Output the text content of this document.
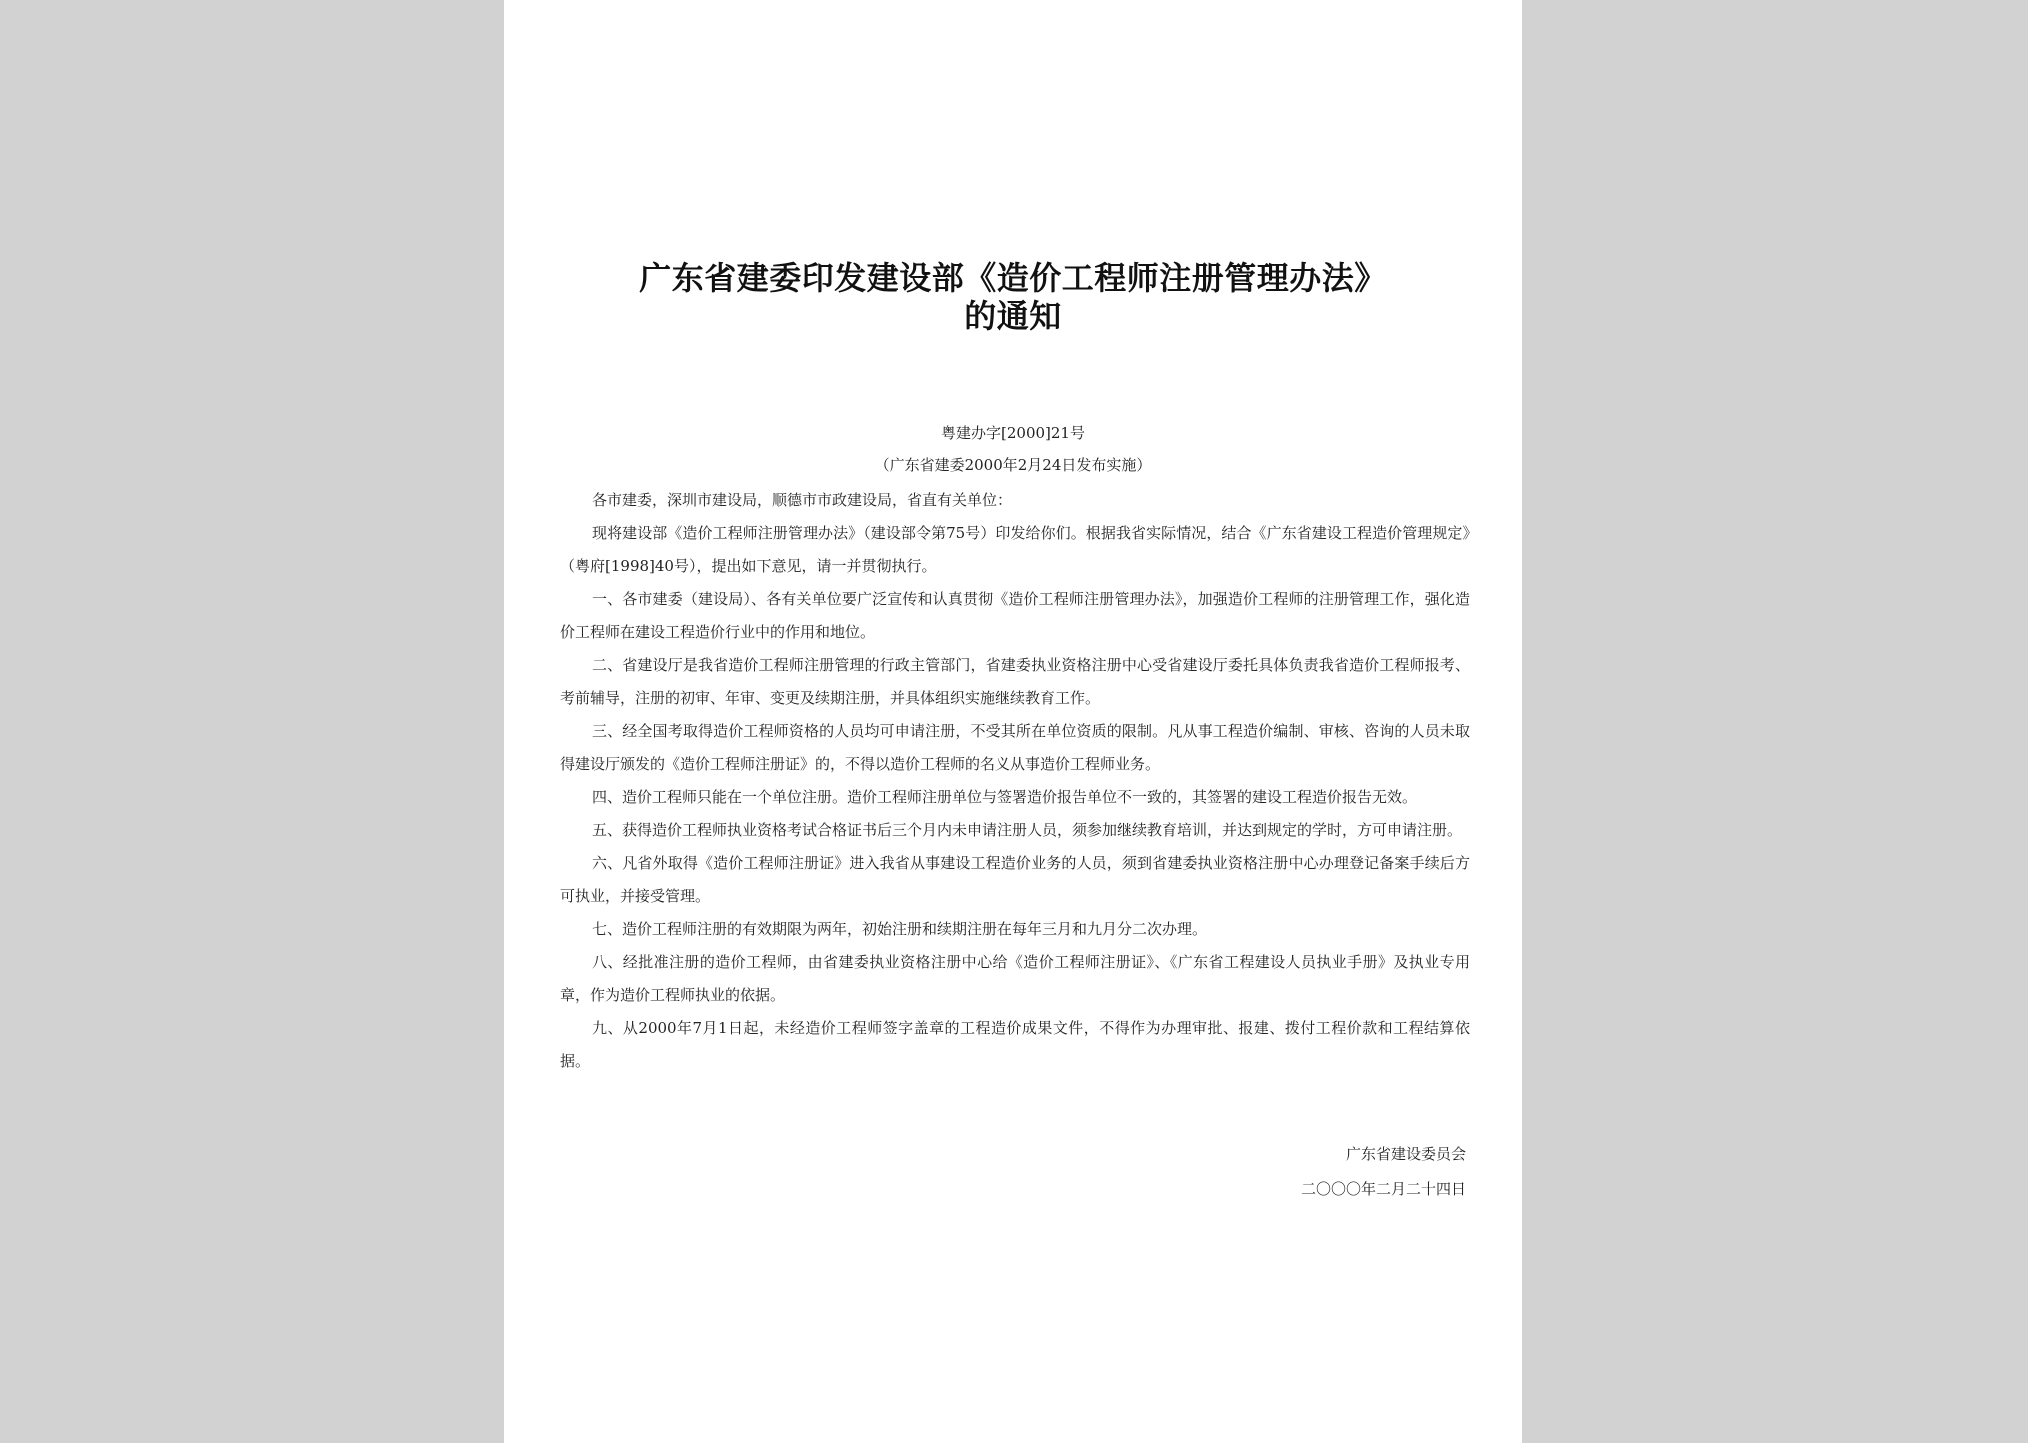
广东省建委印发建设部《造价工程师注册管理办法》
的通知
粤建办字[2000]21号
（广东省建委2000年2月24日发布实施）

各市建委，深圳市建设局，顺德市市政建设局，省直有关单位：

现将建设部《造价工程师注册管理办法》（建设部令第75号）印发给你们。根据我省实际情况，结合《广东省建设工程造价管理规定》（粤府[1998]40号），提出如下意见，请一并贯彻执行。

一、各市建委（建设局）、各有关单位要广泛宣传和认真贯彻《造价工程师注册管理办法》，加强造价工程师的注册管理工作，强化造价工程师在建设工程造价行业中的作用和地位。

二、省建设厅是我省造价工程师注册管理的行政主管部门，省建委执业资格注册中心受省建设厅委托具体负责我省造价工程师报考、考前辅导，注册的初审、年审、变更及续期注册，并具体组织实施继续教育工作。

三、经全国考取得造价工程师资格的人员均可申请注册，不受其所在单位资质的限制。凡从事工程造价编制、审核、咨询的人员未取得建设厅颁发的《造价工程师注册证》的，不得以造价工程师的名义从事造价工程师业务。

四、造价工程师只能在一个单位注册。造价工程师注册单位与签署造价报告单位不一致的，其签署的建设工程造价报告无效。

五、获得造价工程师执业资格考试合格证书后三个月内未申请注册人员，须参加继续教育培训，并达到规定的学时，方可申请注册。

六、凡省外取得《造价工程师注册证》进入我省从事建设工程造价业务的人员，须到省建委执业资格注册中心办理登记备案手续后方可执业，并接受管理。

七、造价工程师注册的有效期限为两年，初始注册和续期注册在每年三月和九月分二次办理。

八、经批准注册的造价工程师，由省建委执业资格注册中心给《造价工程师注册证》、《广东省工程建设人员执业手册》及执业专用章，作为造价工程师执业的依据。

九、从2000年7月1日起，未经造价工程师签字盖章的工程造价成果文件，不得作为办理审批、报建、拨付工程价款和工程结算依据。

广东省建设委员会
二〇〇〇年二月二十四日
